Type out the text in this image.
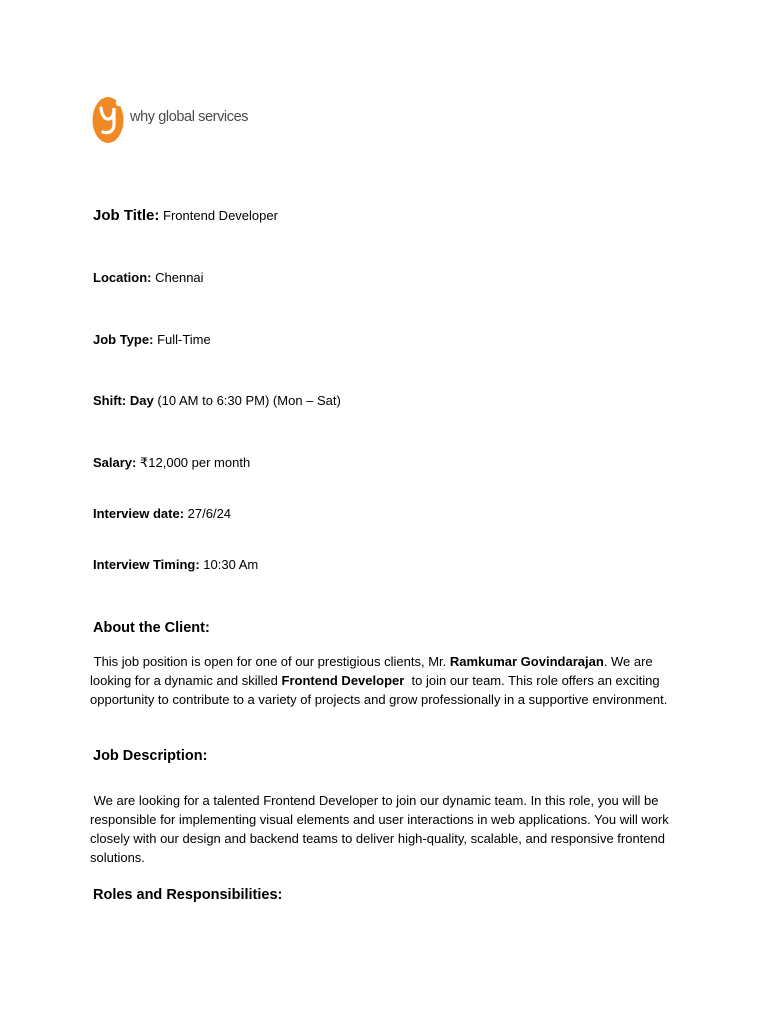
why global services
Job Title: Frontend Developer
Location: Chennai
Job Type: Full-Time
Shift: Day (10 AM to 6:30 PM) (Mon – Sat)
Salary: ₹12,000 per month
Interview date: 27/6/24
Interview Timing: 10:30 Am
About the Client:
This job position is open for one of our prestigious clients, Mr. Ramkumar Govindarajan. We are looking for a dynamic and skilled Frontend Developer  to join our team. This role offers an exciting opportunity to contribute to a variety of projects and grow professionally in a supportive environment.
Job Description:
We are looking for a talented Frontend Developer to join our dynamic team. In this role, you will be responsible for implementing visual elements and user interactions in web applications. You will work closely with our design and backend teams to deliver high-quality, scalable, and responsive frontend solutions.
Roles and Responsibilities:
